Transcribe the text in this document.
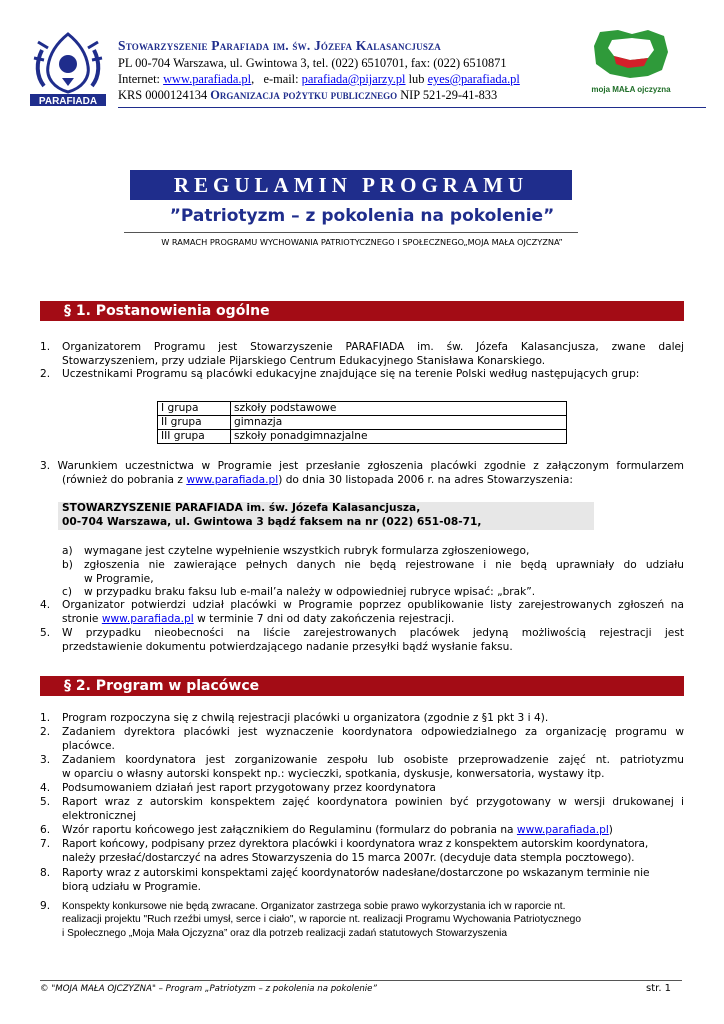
PARAFIADA
Stowarzyszenie Parafiada im. św. Józefa Kalasancjusza
PL 00-704 Warszawa, ul. Gwintowa 3, tel. (022) 6510701, fax: (022) 6510871
Internet: www.parafiada.pl,   e-mail: parafiada@pijarzy.pl lub eyes@parafiada.pl
KRS 0000124134 Organizacja pożytku publicznego NIP 521-29-41-833	moja MAŁA ojczyzna
REGULAMIN PROGRAMU
”Patriotyzm – z pokolenia na pokolenie”
W RAMACH PROGRAMU WYCHOWANIA PATRIOTYCZNEGO I SPOŁECZNEGO„MOJA MAŁA OJCZYZNA”
§ 1. Postanowienia ogólne
1. Organizatorem Programu jest Stowarzyszenie PARAFIADA im. św. Józefa Kalasancjusza, zwane dalej
Stowarzyszeniem, przy udziale Pijarskiego Centrum Edukacyjnego Stanisława Konarskiego.
2. Uczestnikami Programu są placówki edukacyjne znajdujące się na terenie Polski według następujących grup:
I grupa	szkoły podstawowe
II grupa	gimnazja
III grupa	szkoły ponadgimnazjalne
3. Warunkiem uczestnictwa w Programie jest przesłanie zgłoszenia placówki zgodnie z załączonym formularzem
(również do pobrania z www.parafiada.pl) do dnia 30 listopada 2006 r. na adres Stowarzyszenia:
STOWARZYSZENIE PARAFIADA im. św. Józefa Kalasancjusza,
00-704 Warszawa, ul. Gwintowa 3 bądź faksem na nr (022) 651-08-71,
a) wymagane jest czytelne wypełnienie wszystkich rubryk formularza zgłoszeniowego,
b) zgłoszenia nie zawierające pełnych danych nie będą rejestrowane i nie będą uprawniały do udziału
w Programie,
c) w przypadku braku faksu lub e-mail’a należy w odpowiedniej rubryce wpisać: „brak”.
4. Organizator potwierdzi udział placówki w Programie poprzez opublikowanie listy zarejestrowanych zgłoszeń na
stronie www.parafiada.pl w terminie 7 dni od daty zakończenia rejestracji.
5. W przypadku nieobecności na liście zarejestrowanych placówek jedyną możliwością rejestracji jest
przedstawienie dokumentu potwierdzającego nadanie przesyłki bądź wysłanie faksu.
§ 2. Program w placówce
1. Program rozpoczyna się z chwilą rejestracji placówki u organizatora (zgodnie z §1 pkt 3 i 4).
2. Zadaniem dyrektora placówki jest wyznaczenie koordynatora odpowiedzialnego za organizację programu w
placówce.
3. Zadaniem koordynatora jest zorganizowanie zespołu lub osobiste przeprowadzenie zajęć nt. patriotyzmu
w oparciu o własny autorski konspekt np.: wycieczki, spotkania, dyskusje, konwersatoria, wystawy itp.
4. Podsumowaniem działań jest raport przygotowany przez koordynatora
5. Raport wraz z autorskim konspektem zajęć koordynatora powinien być przygotowany w wersji drukowanej i
elektronicznej
6. Wzór raportu końcowego jest załącznikiem do Regulaminu (formularz do pobrania na www.parafiada.pl)
7. Raport końcowy, podpisany przez dyrektora placówki i koordynatora wraz z konspektem autorskim koordynatora,
należy przesłać/dostarczyć na adres Stowarzyszenia do 15 marca 2007r. (decyduje data stempla pocztowego).
8. Raporty wraz z autorskimi konspektami zajęć koordynatorów nadesłane/dostarczone po wskazanym terminie nie
biorą udziału w Programie.
9. Konspekty konkursowe nie będą zwracane. Organizator zastrzega sobie prawo wykorzystania ich w raporcie nt.
realizacji projektu "Ruch rzeźbi umysł, serce i ciało", w raporcie nt. realizacji Programu Wychowania Patriotycznego
i Społecznego „Moja Mała Ojczyzna” oraz dla potrzeb realizacji zadań statutowych Stowarzyszenia
© "MOJA MAŁA OJCZYZNA" – Program „Patriotyzm – z pokolenia na pokolenie”	str. 1
